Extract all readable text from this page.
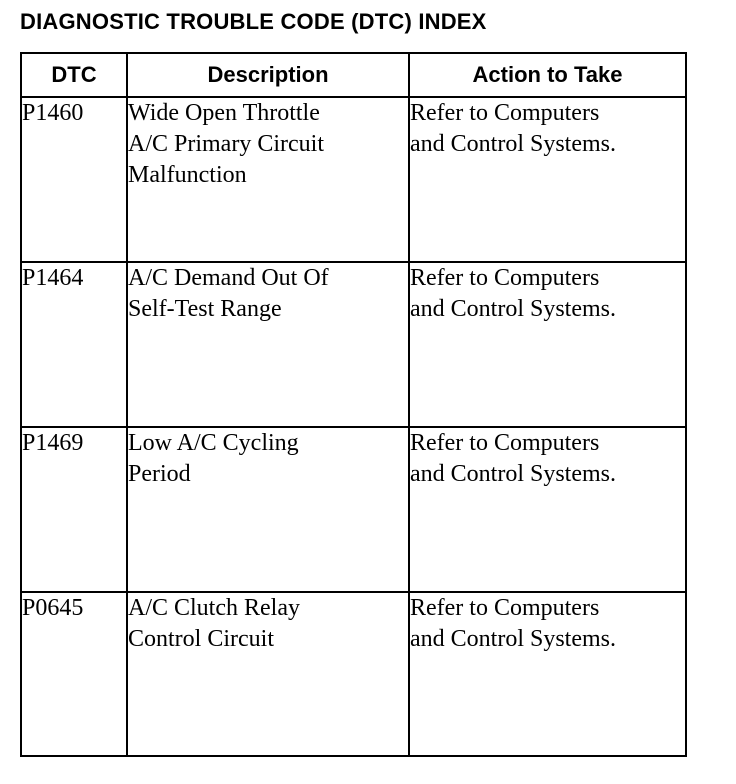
DIAGNOSTIC TROUBLE CODE (DTC) INDEX
DTC	Description	Action to Take
P1460	Wide Open Throttle
A/C Primary Circuit
Malfunction	Refer to Computers
and Control Systems.
P1464	A/C Demand Out Of
Self-Test Range	Refer to Computers
and Control Systems.
P1469	Low A/C Cycling
Period	Refer to Computers
and Control Systems.
P0645	A/C Clutch Relay
Control Circuit	Refer to Computers
and Control Systems.
